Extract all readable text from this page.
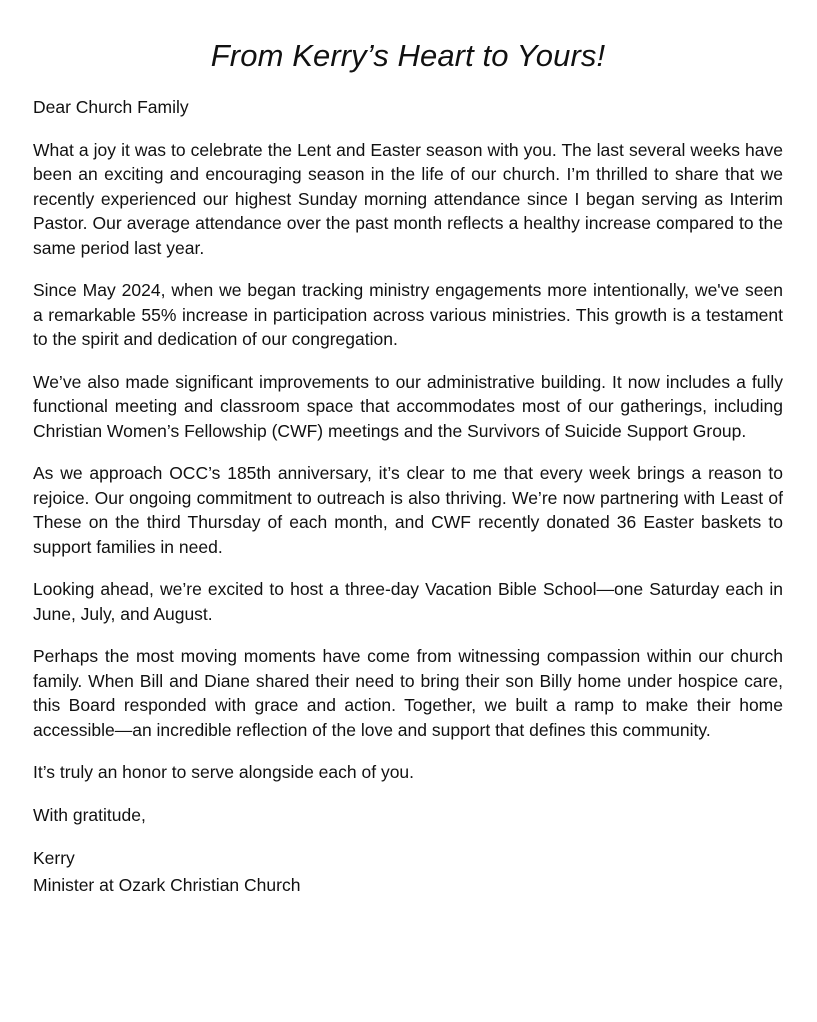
From Kerry’s Heart to Yours!

Dear Church Family

What a joy it was to celebrate the Lent and Easter season with you. The last several weeks have been an exciting and encouraging season in the life of our church. I’m thrilled to share that we recently experienced our highest Sunday morning attendance since I began serving as Interim Pastor. Our average attendance over the past month reflects a healthy increase compared to the same period last year.

Since May 2024, when we began tracking ministry engagements more intentionally, we've seen a remarkable 55% increase in participation across various ministries. This growth is a testament to the spirit and dedication of our congregation.

We’ve also made significant improvements to our administrative building. It now includes a fully functional meeting and classroom space that accommodates most of our gatherings, including Christian Women’s Fellowship (CWF) meetings and the Survivors of Suicide Support Group.

As we approach OCC’s 185th anniversary, it’s clear to me that every week brings a reason to rejoice. Our ongoing commitment to outreach is also thriving. We’re now partnering with Least of These on the third Thursday of each month, and CWF recently donated 36 Easter baskets to support families in need.

Looking ahead, we’re excited to host a three-day Vacation Bible School—one Saturday each in June, July, and August.

Perhaps the most moving moments have come from witnessing compassion within our church family. When Bill and Diane shared their need to bring their son Billy home under hospice care, this Board responded with grace and action. Together, we built a ramp to make their home accessible—an incredible reflection of the love and support that defines this community.

It’s truly an honor to serve alongside each of you.

With gratitude,

Kerry
Minister at Ozark Christian Church
